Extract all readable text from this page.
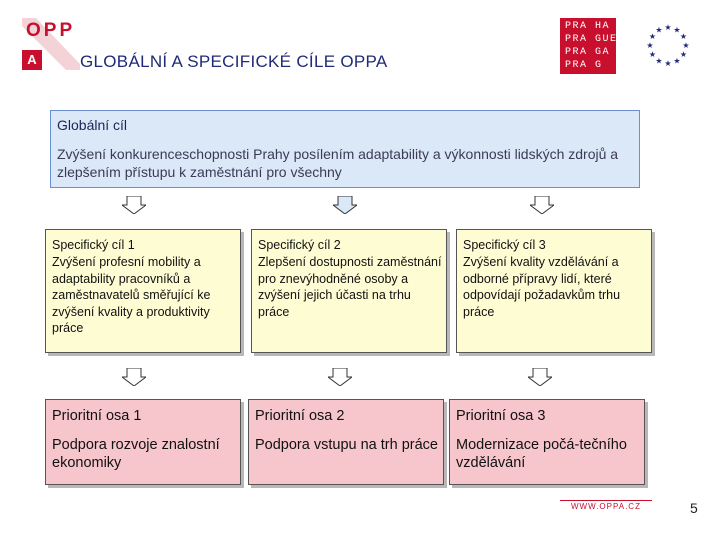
OPP
A	GLOBÁLNÍ A SPECIFICKÉ CÍLE OPPA
PRA HA
PRA GUE
PRA GA
PRA G
★ ★
★
★
★
★
★
★
★
★
★
★
Globální cíl
Zvýšení konkurenceschopnosti Prahy posílením adaptability a výkonnosti lidských zdrojů a zlepšením přístupu k zaměstnání pro všechny
Specifický cíl 1
Zvýšení profesní mobility a adaptability pracovníků a zaměstnavatelů směřující ke zvýšení kvality a produktivity práce
Specifický cíl 2
Zlepšení dostupnosti zaměstnání pro znevýhodněné osoby a zvýšení jejich účasti na trhu práce
Specifický cíl 3
Zvýšení kvality vzdělávání a odborné přípravy lidí, které odpovídají požadavkům trhu práce
Prioritní osa 1
Podpora rozvoje znalostní ekonomiky
Prioritní osa 2
Podpora vstupu na trh práce
Prioritní osa 3
Modernizace počá-tečního vzdělávání
WWW.OPPA.CZ	5
